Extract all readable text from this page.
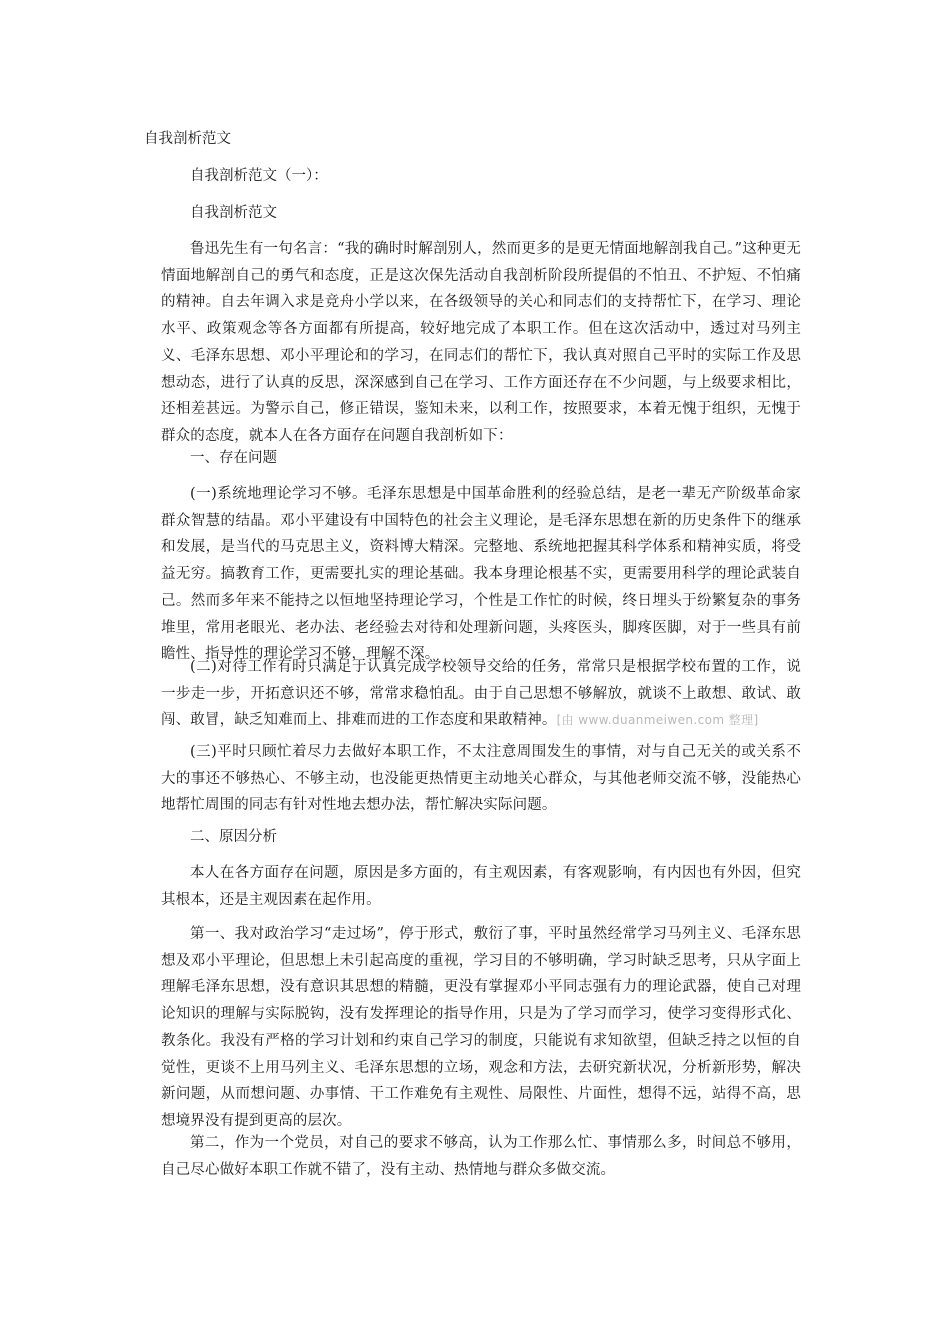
自我剖析范文

自我剖析范文（一）：

自我剖析范文

鲁迅先生有一句名言：“我的确时时解剖别人，然而更多的是更无情面地解剖我自己。”这种更无情面地解剖自己的勇气和态度，正是这次保先活动自我剖析阶段所提倡的不怕丑、不护短、不怕痛的精神。自去年调入求是竞舟小学以来，在各级领导的关心和同志们的支持帮忙下，在学习、理论水平、政策观念等各方面都有所提高，较好地完成了本职工作。但在这次活动中，透过对马列主义、毛泽东思想、邓小平理论和的学习，在同志们的帮忙下，我认真对照自己平时的实际工作及思想动态，进行了认真的反思，深深感到自己在学习、工作方面还存在不少问题，与上级要求相比，还相差甚远。为警示自己，修正错误，鉴知未来，以利工作，按照要求，本着无愧于组织，无愧于群众的态度，就本人在各方面存在问题自我剖析如下：

一、存在问题

(一)系统地理论学习不够。毛泽东思想是中国革命胜利的经验总结，是老一辈无产阶级革命家群众智慧的结晶。邓小平建设有中国特色的社会主义理论，是毛泽东思想在新的历史条件下的继承和发展，是当代的马克思主义，资料博大精深。完整地、系统地把握其科学体系和精神实质，将受益无穷。搞教育工作，更需要扎实的理论基础。我本身理论根基不实，更需要用科学的理论武装自己。然而多年来不能持之以恒地坚持理论学习，个性是工作忙的时候，终日埋头于纷繁复杂的事务堆里，常用老眼光、老办法、老经验去对待和处理新问题，头疼医头，脚疼医脚，对于一些具有前瞻性、指导性的理论学习不够，理解不深。

(二)对待工作有时只满足于认真完成学校领导交给的任务，常常只是根据学校布置的工作，说一步走一步，开拓意识还不够，常常求稳怕乱。由于自己思想不够解放，就谈不上敢想、敢试、敢闯、敢冒，缺乏知难而上、排难而进的工作态度和果敢精神。[由 www.duanmeiwen.com 整理]

(三)平时只顾忙着尽力去做好本职工作，不太注意周围发生的事情，对与自己无关的或关系不大的事还不够热心、不够主动，也没能更热情更主动地关心群众，与其他老师交流不够，没能热心地帮忙周围的同志有针对性地去想办法，帮忙解决实际问题。

二、原因分析

本人在各方面存在问题，原因是多方面的，有主观因素，有客观影响，有内因也有外因，但究其根本，还是主观因素在起作用。

第一、我对政治学习“走过场”，停于形式，敷衍了事，平时虽然经常学习马列主义、毛泽东思想及邓小平理论，但思想上未引起高度的重视，学习目的不够明确，学习时缺乏思考，只从字面上理解毛泽东思想，没有意识其思想的精髓，更没有掌握邓小平同志强有力的理论武器，使自己对理论知识的理解与实际脱钩，没有发挥理论的指导作用，只是为了学习而学习，使学习变得形式化、教条化。我没有严格的学习计划和约束自己学习的制度，只能说有求知欲望，但缺乏持之以恒的自觉性，更谈不上用马列主义、毛泽东思想的立场，观念和方法，去研究新状况，分析新形势，解决新问题，从而想问题、办事情、干工作难免有主观性、局限性、片面性，想得不远，站得不高，思想境界没有提到更高的层次。

第二，作为一个党员，对自己的要求不够高，认为工作那么忙、事情那么多，时间总不够用，自己尽心做好本职工作就不错了，没有主动、热情地与群众多做交流。
